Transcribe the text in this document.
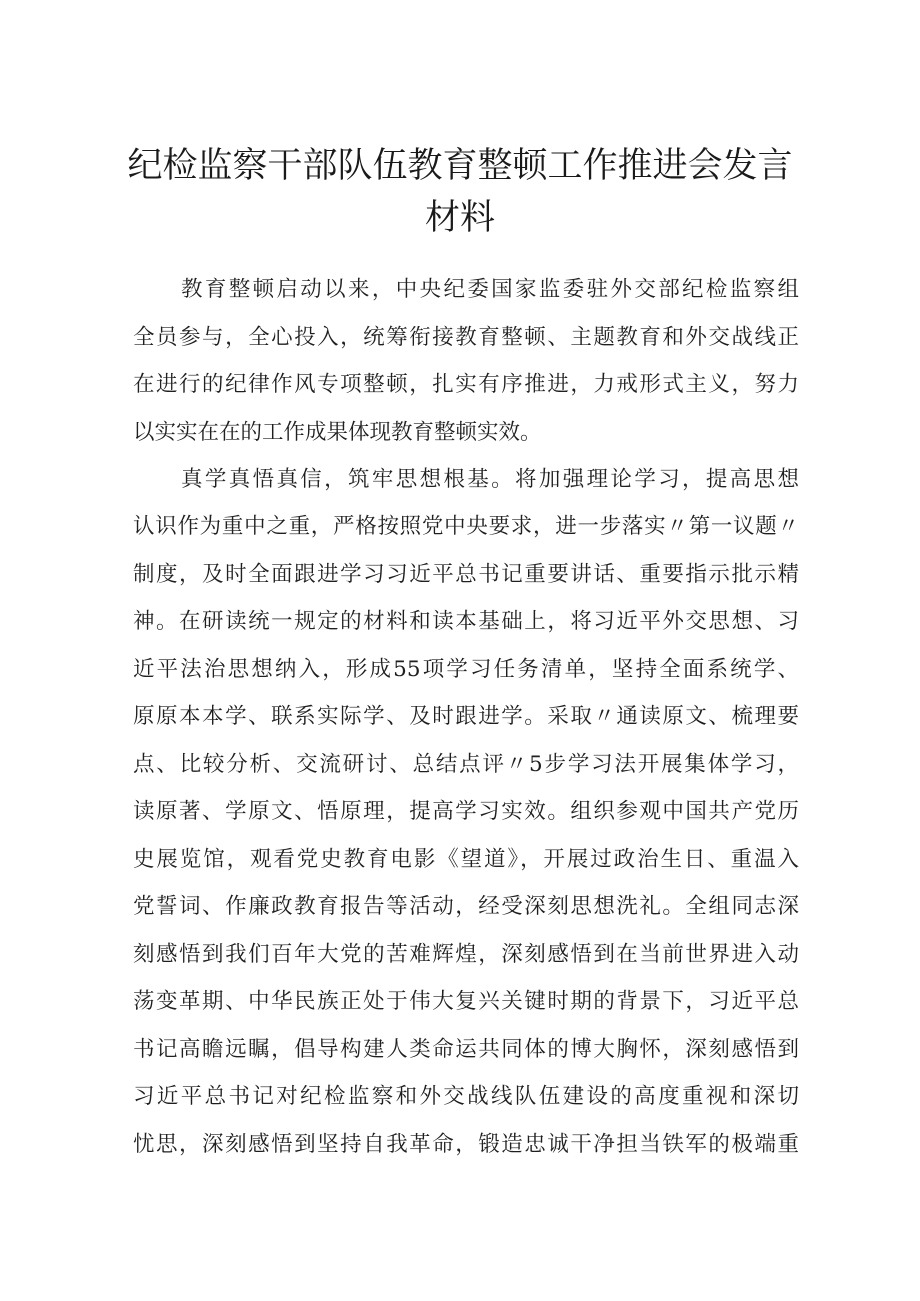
纪检监察干部队伍教育整顿工作推进会发言
材料
教育整顿启动以来，中央纪委国家监委驻外交部纪检监察组
全员参与，全心投入，统筹衔接教育整顿、主题教育和外交战线正
在进行的纪律作风专项整顿，扎实有序推进，力戒形式主义，努力
以实实在在的工作成果体现教育整顿实效。
真学真悟真信，筑牢思想根基。将加强理论学习，提高思想
认识作为重中之重，严格按照党中央要求，进一步落实〃第一议题〃
制度，及时全面跟进学习习近平总书记重要讲话、重要指示批示精
神。在研读统一规定的材料和读本基础上，将习近平外交思想、习
近平法治思想纳入，形成55项学习任务清单，坚持全面系统学、
原原本本学、联系实际学、及时跟进学。采取〃通读原文、梳理要
点、比较分析、交流研讨、总结点评〃5步学习法开展集体学习，
读原著、学原文、悟原理，提高学习实效。组织参观中国共产党历
史展览馆，观看党史教育电影《望道》，开展过政治生日、重温入
党誓词、作廉政教育报告等活动，经受深刻思想洗礼。全组同志深
刻感悟到我们百年大党的苦难辉煌，深刻感悟到在当前世界进入动
荡变革期、中华民族正处于伟大复兴关键时期的背景下，习近平总
书记高瞻远瞩，倡导构建人类命运共同体的博大胸怀，深刻感悟到
习近平总书记对纪检监察和外交战线队伍建设的高度重视和深切
忧思，深刻感悟到坚持自我革命，锻造忠诚干净担当铁军的极端重
